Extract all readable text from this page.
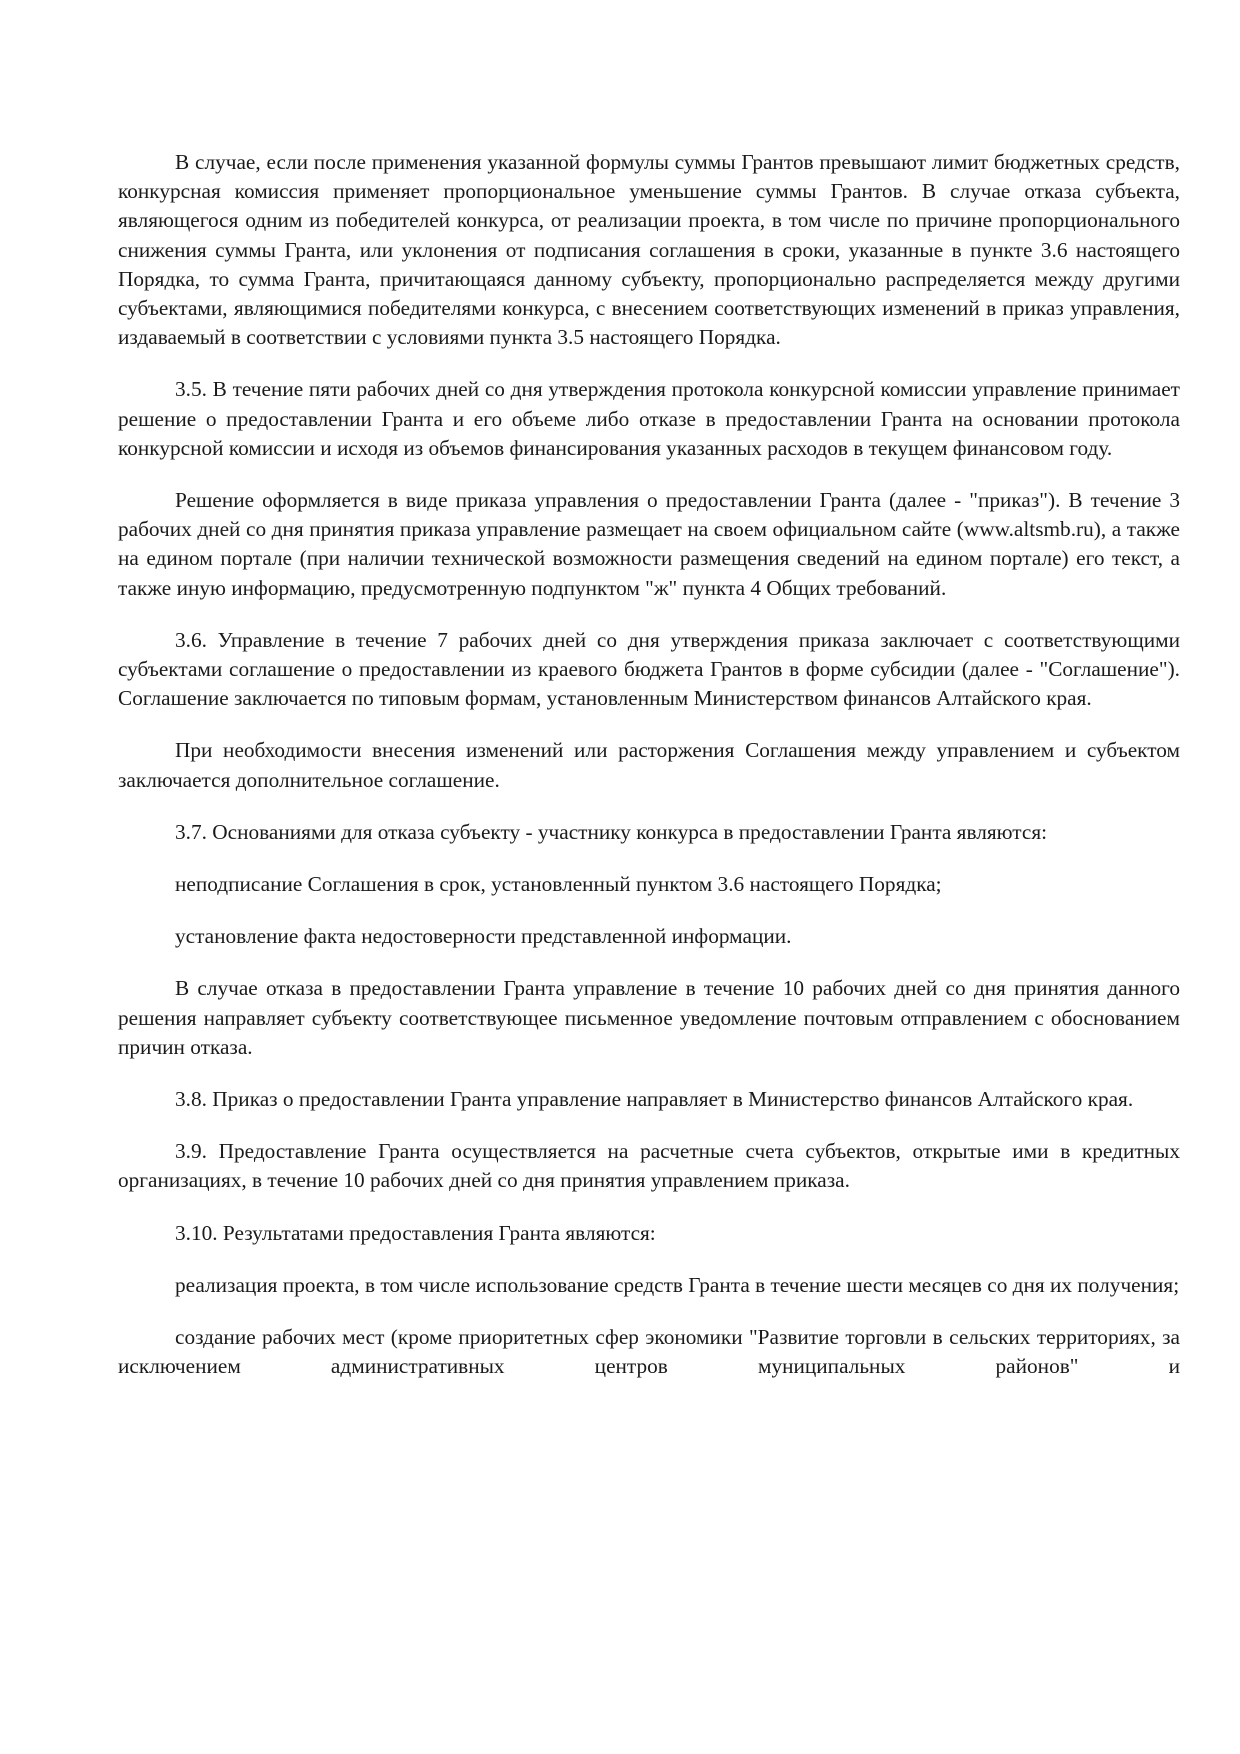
В случае, если после применения указанной формулы суммы Грантов превышают лимит бюджетных средств, конкурсная комиссия применяет пропорциональное уменьшение суммы Грантов. В случае отказа субъекта, являющегося одним из победителей конкурса, от реализации проекта, в том числе по причине пропорционального снижения суммы Гранта, или уклонения от подписания соглашения в сроки, указанные в пункте 3.6 настоящего Порядка, то сумма Гранта, причитающаяся данному субъекту, пропорционально распределяется между другими субъектами, являющимися победителями конкурса, с внесением соответствующих изменений в приказ управления, издаваемый в соответствии с условиями пункта 3.5 настоящего Порядка.

3.5. В течение пяти рабочих дней со дня утверждения протокола конкурсной комиссии управление принимает решение о предоставлении Гранта и его объеме либо отказе в предоставлении Гранта на основании протокола конкурсной комиссии и исходя из объемов финансирования указанных расходов в текущем финансовом году.

Решение оформляется в виде приказа управления о предоставлении Гранта (далее - "приказ"). В течение 3 рабочих дней со дня принятия приказа управление размещает на своем официальном сайте (www.altsmb.ru), а также на едином портале (при наличии технической возможности размещения сведений на едином портале) его текст, а также иную информацию, предусмотренную подпунктом "ж" пункта 4 Общих требований.

3.6. Управление в течение 7 рабочих дней со дня утверждения приказа заключает с соответствующими субъектами соглашение о предоставлении из краевого бюджета Грантов в форме субсидии (далее - "Соглашение"). Соглашение заключается по типовым формам, установленным Министерством финансов Алтайского края.

При необходимости внесения изменений или расторжения Соглашения между управлением и субъектом заключается дополнительное соглашение.

3.7. Основаниями для отказа субъекту - участнику конкурса в предоставлении Гранта являются:

неподписание Соглашения в срок, установленный пунктом 3.6 настоящего Порядка;

установление факта недостоверности представленной информации.

В случае отказа в предоставлении Гранта управление в течение 10 рабочих дней со дня принятия данного решения направляет субъекту соответствующее письменное уведомление почтовым отправлением с обоснованием причин отказа.

3.8. Приказ о предоставлении Гранта управление направляет в Министерство финансов Алтайского края.

3.9. Предоставление Гранта осуществляется на расчетные счета субъектов, открытые ими в кредитных организациях, в течение 10 рабочих дней со дня принятия управлением приказа.

3.10. Результатами предоставления Гранта являются:

реализация проекта, в том числе использование средств Гранта в течение шести месяцев со дня их получения;

создание рабочих мест (кроме приоритетных сфер экономики "Развитие торговли в сельских территориях, за исключением административных центров муниципальных районов" и
